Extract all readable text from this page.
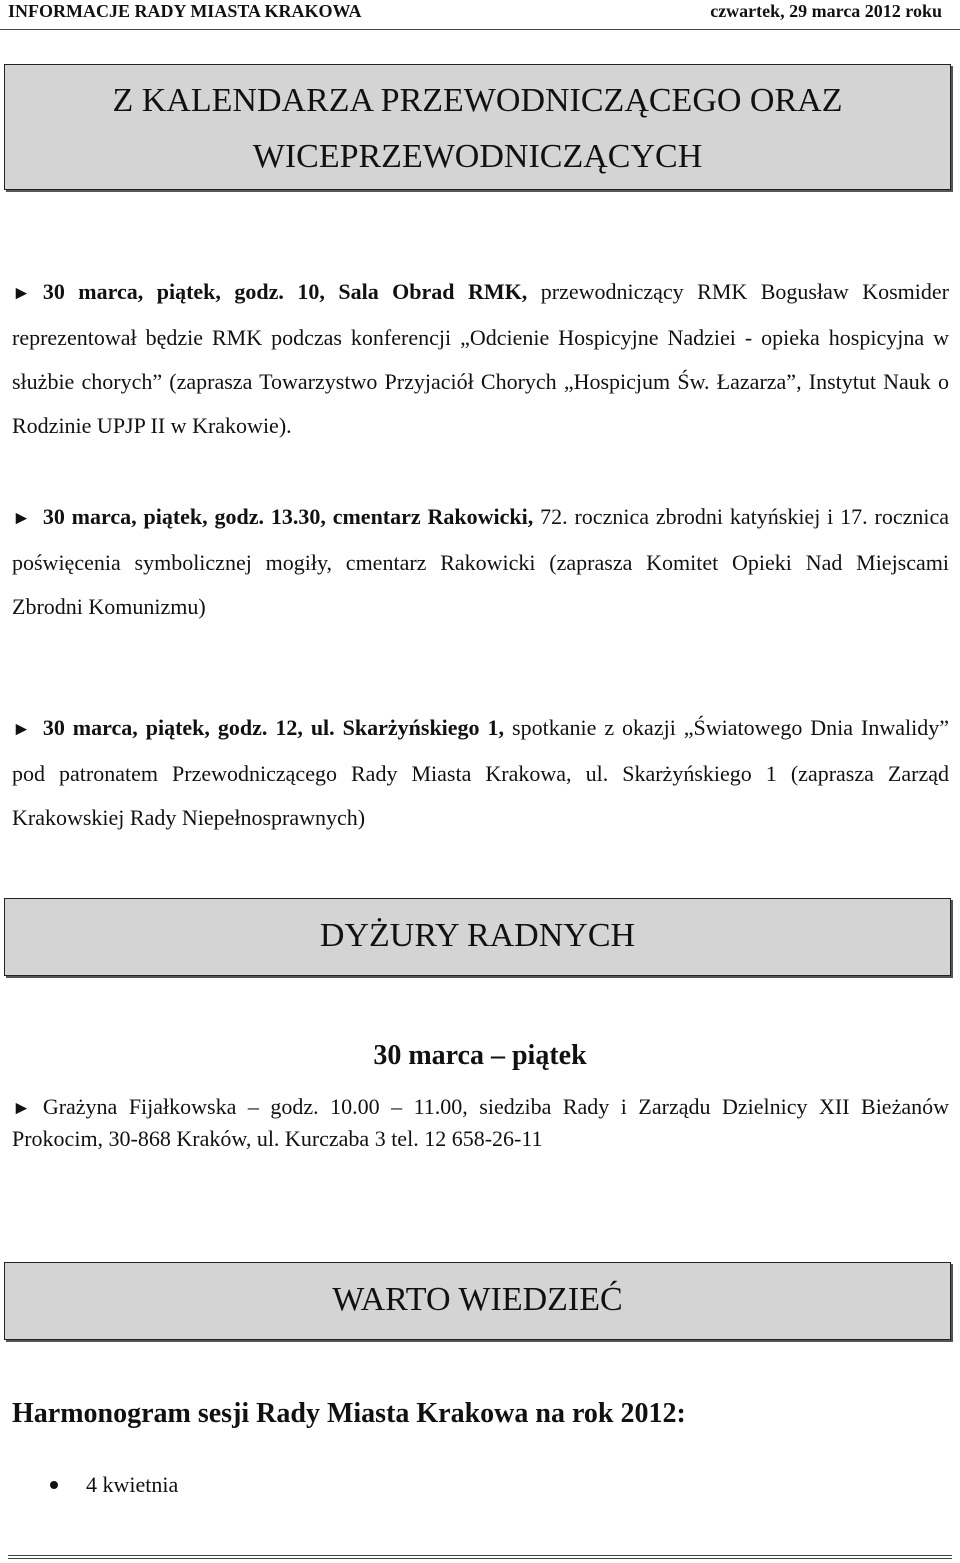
INFORMACJE RADY MIASTA KRAKOWA	czwartek, 29 marca 2012 roku
Z KALENDARZA PRZEWODNICZĄCEGO ORAZ
WICEPRZEWODNICZĄCYCH
► 30 marca, piątek, godz. 10, Sala Obrad RMK, przewodniczący RMK Bogusław Kosmider reprezentował będzie RMK podczas konferencji „Odcienie Hospicyjne Nadziei - opieka hospicyjna w służbie chorych” (zaprasza Towarzystwo Przyjaciół Chorych „Hospicjum Św. Łazarza”, Instytut Nauk o Rodzinie UPJP II w Krakowie).
► 30 marca, piątek, godz. 13.30, cmentarz Rakowicki, 72. rocznica zbrodni katyńskiej i 17. rocznica poświęcenia symbolicznej mogiły, cmentarz Rakowicki (zaprasza Komitet Opieki Nad Miejscami Zbrodni Komunizmu)
► 30 marca, piątek, godz. 12, ul. Skarżyńskiego 1, spotkanie z okazji „Światowego Dnia Inwalidy” pod patronatem Przewodniczącego Rady Miasta Krakowa, ul. Skarżyńskiego 1 (zaprasza Zarząd Krakowskiej Rady Niepełnosprawnych)
DYŻURY RADNYCH
30 marca – piątek
► Grażyna Fijałkowska – godz. 10.00 – 11.00, siedziba Rady i Zarządu Dzielnicy XII Bieżanów Prokocim, 30-868 Kraków, ul. Kurczaba 3 tel. 12 658-26-11
WARTO WIEDZIEĆ
Harmonogram sesji Rady Miasta Krakowa na rok 2012:
4 kwietnia
